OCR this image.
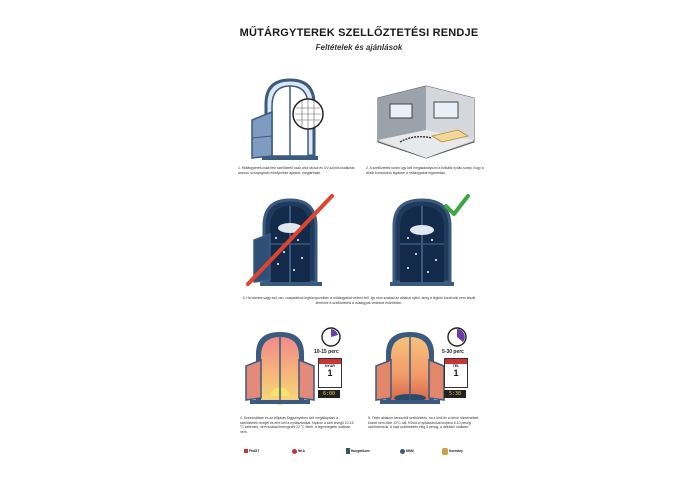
MŰTÁRGYTEREK SZELLŐZTETÉSI RENDJE
Feltételek és ajánlások
1. Műtárgyterek csak fém szellőztető csak ahol rácsot és UV-szűrős kialakítás áramot, szúnyogháló elhelyezése ajánlott, megtartható.
2. A szellőztetés során ügy kell megakadályozni a fizikális nyílás során, hogy a lehűlt konvekciós légáram a műtárgyakat légáramlás.
3. Ha hóesés vagy eső van, csapadékos légkörnyezetben a műtárgyakat védeni kell, így nem szabad az ablakot nyitni, amíg a légköri kondíciók nem teszik lehetővé a szellőztetést a műtárgyak védelme érdekében.
10-15 perc
NYÁR
1
6:00
4. Szezonálisan és az időjárás függvényében kell megállapítani a szellőztetés rendjét és erre kell a nyílászárókat. Nyáron a kinti levegő 10-15 °C kellemes, nem szabad beengedni 22 °C felett, a legmelegebb órákban nem.
5-30 perc
TÉL
1
5:30
5. Télen ablakon keresztüli szellőztetés, ha a kinti és a belső hőmérséklet között nem több 10°C-nál. Rövid a nyílászárókat kinyitva 5-10 percig szellőztessük. A napi szellőztetés elég 5 percig, a délutáni órákban.
PtoDIT	NKA	Hungarikum	MNM	Kormány
